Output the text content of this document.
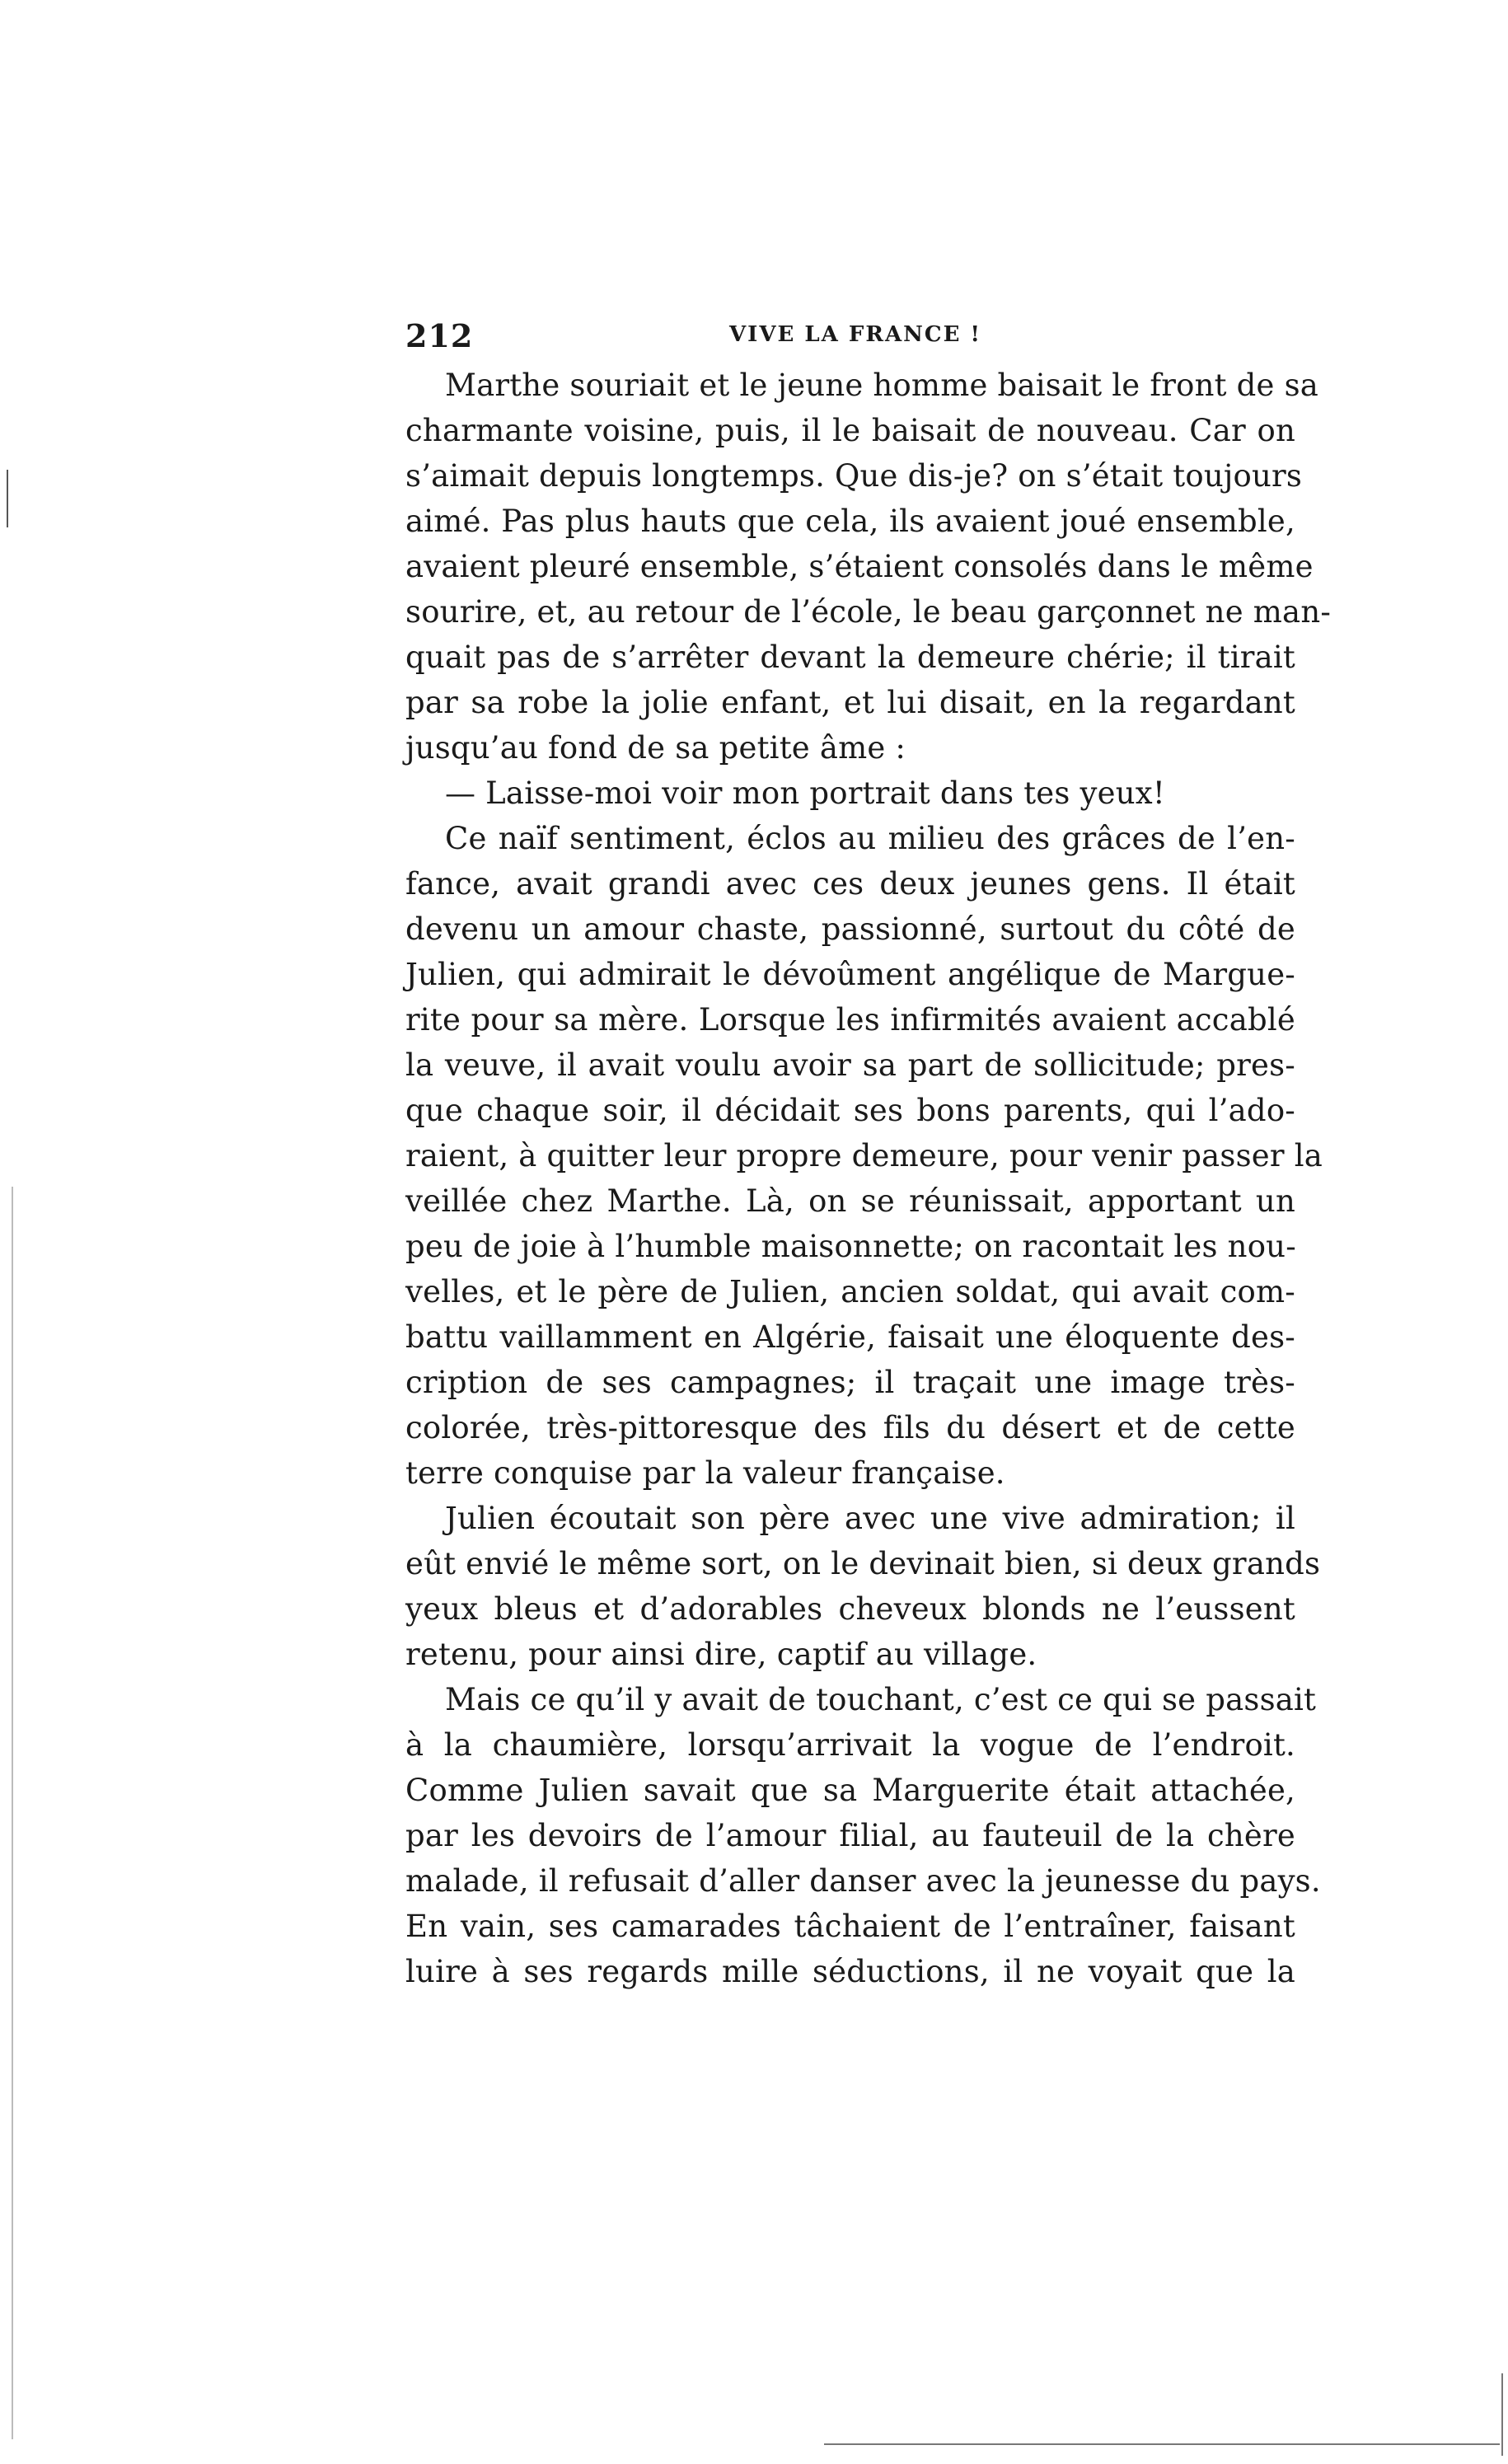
212	VIVE LA FRANCE !
Marthe souriait et le jeune homme baisait le front de sa
charmante voisine, puis, il le baisait de nouveau. Car on
s’aimait depuis longtemps. Que dis-je? on s’était toujours
aimé. Pas plus hauts que cela, ils avaient joué ensemble,
avaient pleuré ensemble, s’étaient consolés dans le même
sourire, et, au retour de l’école, le beau garçonnet ne man-
quait pas de s’arrêter devant la demeure chérie; il tirait
par sa robe la jolie enfant, et lui disait, en la regardant
jusqu’au fond de sa petite âme :
— Laisse-moi voir mon portrait dans tes yeux!
Ce naïf sentiment, éclos au milieu des grâces de l’en-
fance, avait grandi avec ces deux jeunes gens. Il était
devenu un amour chaste, passionné, surtout du côté de
Julien, qui admirait le dévoûment angélique de Margue-
rite pour sa mère. Lorsque les infirmités avaient accablé
la veuve, il avait voulu avoir sa part de sollicitude; pres-
que chaque soir, il décidait ses bons parents, qui l’ado-
raient, à quitter leur propre demeure, pour venir passer la
veillée chez Marthe. Là, on se réunissait, apportant un
peu de joie à l’humble maisonnette; on racontait les nou-
velles, et le père de Julien, ancien soldat, qui avait com-
battu vaillamment en Algérie, faisait une éloquente des-
cription de ses campagnes; il traçait une image très-
colorée, très-pittoresque des fils du désert et de cette
terre conquise par la valeur française.
Julien écoutait son père avec une vive admiration; il
eût envié le même sort, on le devinait bien, si deux grands
yeux bleus et d’adorables cheveux blonds ne l’eussent
retenu, pour ainsi dire, captif au village.
Mais ce qu’il y avait de touchant, c’est ce qui se passait
à la chaumière, lorsqu’arrivait la vogue de l’endroit.
Comme Julien savait que sa Marguerite était attachée,
par les devoirs de l’amour filial, au fauteuil de la chère
malade, il refusait d’aller danser avec la jeunesse du pays.
En vain, ses camarades tâchaient de l’entraîner, faisant
luire à ses regards mille séductions, il ne voyait que la
